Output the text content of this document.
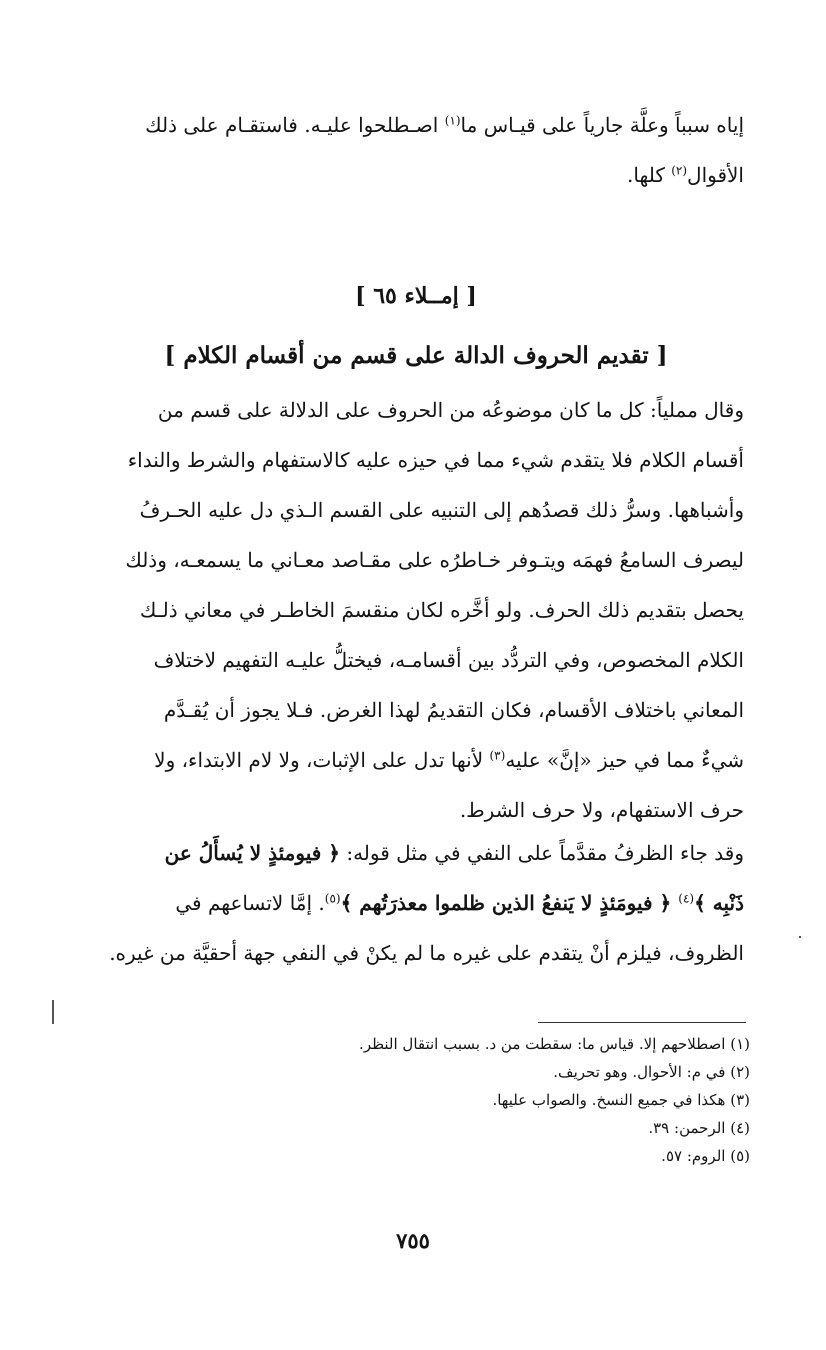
إياه سبباً وعلَّة جارياً على قيـاس ما$^{(١)}$ اصـطلحوا عليـه. فاستقـام على ذلك
الأقوال$^{(٢)}$ كلها.
[ إمــلاء ٦٥ ]
[ تقديم الحروف الدالة على قسم من أقسام الكلام ]
وقال مملياً: كل ما كان موضوعُه من الحروف على الدلالة على قسم من
أقسام الكلام فلا يتقدم شيء مما في حيزه عليه كالاستفهام والشرط والنداء
وأشباهها. وسرُّ ذلك قصدُهم إلى التنبيه على القسم الـذي دل عليه الحـرفُ
ليصرف السامعُ فهمَه ويتـوفر خـاطرُه على مقـاصد معـاني ما يسمعـه، وذلك
يحصل بتقديم ذلك الحرف. ولو أخَّره لكان منقسمَ الخاطـر في معاني ذلـك
الكلام المخصوص، وفي التردُّد بين أقسامـه، فيختلُّ عليـه التفهيم لاختلاف
المعاني باختلاف الأقسام، فكان التقديمُ لهذا الغرض. فـلا يجوز أن يُقـدَّم
شيءٌ مما في حيز «إنَّ» عليه$^{(٣)}$ لأنها تدل على الإثبات، ولا لام الابتداء، ولا
حرف الاستفهام، ولا حرف الشرط.
وقد جاء الظرفُ مقدَّماً على النفي في مثل قوله: ﴿ فيومئذٍ لا يُسأَلُ عن
ذَنْبِه ﴾$^{(٤)}$ ﴿ فيومَئذٍ لا يَنفعُ الذين ظلموا معذرَتُهم ﴾$^{(٥)}$. إمَّا لاتساعهم في
الظروف، فيلزم أنْ يتقدم على غيره ما لم يكنْ في النفي جهة أحقيَّة من غيره.
(١) اصطلاحهم إلا. قياس ما: سقطت من د. بسبب انتقال النظر.
(٢) في م: الأحوال. وهو تحريف.
(٣) هكذا في جميع النسخ. والصواب عليها.
(٤) الرحمن: ٣٩.
(٥) الروم: ٥٧.
٧٥٥
